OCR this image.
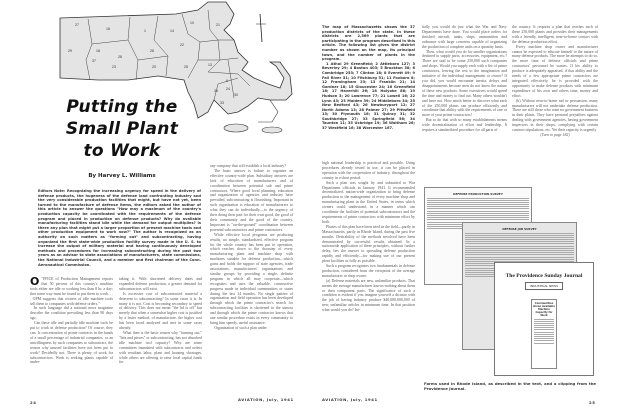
27
16	1	14
10	21
29	18
28
28
22
37
23	20	25	13
9
30
34 24
33
Putting the
Small Plant
to Work
By Harvey L. Williams
Editors Note: Recognizing the increasing urgency for speed in the delivery of defense products, the hugeness of the defense load confronting industry and the very considerable production facilities that might, but have not yet, been turned to the manufacture of defense items, the editors asked the author of this article to answer the questions "How may a maximum of the country's production capacity be coordinated with the requirements of the defense program and placed in production on defense products? Why do available manufacturing facilities stand idle while the demand for output multiplies? Is there any plan that might put a larger proportion of present machine tools and other production equipment to work now?" The author is recognized as an authority on such matters as "farming out" and subcontracting, having organized the first state-wide production facility survey made in the U. S. to increase the output of military material and having continuously developed methods and procedures for increasing subcontracting during the past two years as an advisor to state associations of manufacturers, state commissions, the National Industrial Council, and a member and first chairman of the Conn. Aeronautical Commission.
O "FFICE of Production Management reports that 50 percent of this country's machine tools either are idle or working less than 8 hr. a day; that some way must be found to put them to work. . . . OPM suggests that owners of idle machine tools sell them to companies with defense orders."

In such language did a national news magazine describe the condition prevailing less than 90 days ago.

Can these idle and partially idle machine tools be put to work in defense production? Of course, they can. Is concentration of prime contracts in the hands of a small percentage of industrial companies, or an unwillingness by such companies to subcontract, the reason why unused facilities have not been put to work? Decidedly not. There is plenty of work for subcontractors. Work is seeking plants capable of under-

taking it. With shortened delivery dates and expanded defense production, a greater demand for subcontractors will exist.

Is excessive cost of subcontracted material a deterrent to subcontracting? In some cases it is. In many it is not. Cost is becoming secondary to speed of delivery. This does not mean "the lid is off" but merely that when a somewhat higher cost is justified by a faster method, of manufacture, the higher cost has been faced analyzed and met in some cases already.

What then is the basic reason why "farming out," "bits and pieces" or subcontracting, has not absorbed idle machine tool capacity? Why are some committees inundated with subcontracts and orders with resultant labor, plant and housing shortages, while others are offering to raise local capital funds for

any company that will establish a local industry?

The basic answer is failure to organize an effective country-wide plan. Subsidiary answers are lack of education of manufacturers and of coordination between potential sub and prime contractors. Where good local planning, education and organization of agencies and industry have prevailed, subcontracting is flourishing. Important in such organization is education of manufacturers to what they can do individually—to the urgency of their doing their part for their own good, the good of their community and the good of the country. Important is "on-the-ground" coordination between potential subcontractors and prime contractors.

While effective local programs are producing results, no simple, standardized, effective program for the whole country has been put in operation, which reaches down to the doorstep of every manufacturing plant and machine shop with machines suitable for defense production—which gains and holds the support of state agencies, trade associations, manufacturers' organizations and similar groups by providing a single, definite program in which all may cooperate—which recognizes and uses the valuable, constructive progress made in individual communities or states during the last 14 months. No single pattern of organization and field operation has been developed through which the prime contractor's search for subcontracting facilities is shortened to the utmost and through which the prime contractor knows that one similar procedure exists in every community to bring him speedy, useful assistance.

Organization of such a plan under

24
AVIATION, July, 1941

The map of Massachusetts shows the 37 production districts of the state. In these districts are 2,569 plants that are participating in the program described in this article. The following list gives the district number as shown on the map, its principal town, and the number of plants in the program.

1 Athol 29 Greenfield; 2 Attleboro 127; 3 Beverley 29; 4 Boston 403; 5 Brockton 38; 6 Cambridge 253; 7 Clinton 18; 8 Everett 49; 9 Fall River 51; 10 Fitchburg 51; 11 Foxboro 8; 12 Framingham 23; 13 Franklin 21; 14 Gardner 18; 15 Gloucester 24; 16 Greenfield 18; 17 Haverhill 26; 18 Holyoke 88; 19 Hudson 3; 20 Lawrence 77; 21 Lowell 16; 22 Lynn 43; 23 Malden 39; 24 Middleboro 34; 25 New Bedford 43; 26 Newburyport 12; 27 North Adams 13; 28 Palmer 27; 29 Pittsfield 13; 30 Plymouth 16; 31 Quincy 31; 32 Southbridge 27; 33 Springfield 56; 34 Taunton 11; 35 Uxbridge 19; 36 Waltham 26; 37 Westfield 16; 38 Worcester 167.

high national leadership is practical and possible. Using procedures already tested in use, it can be placed in operation with the cooperation of industry, throughout the country in a short period.

Such a plan was sought by and submitted to War Department officials in January 1941. It recommended decentralized, nation-wide organization to bring defense production to the management of every machine shop and manufacturing plant in the United States, in terms which owners could understand, in a manner which can coordinate the facilities of potential subcontractors and the requirements of prime contractors with minimum effort by both.

Phases of this plan have been tried in the field—partly in Massachusetts, partly in Rhode Island, during the past five months. Desirability of the methods involved have been demonstrated by successful results obtained. In a nationwide application of these principles, without further delay, lies the answer to spreading defense production rapidly and efficiently—for making use of our present plant facilities as fully as possible.

Such a program recognizes two fundamentals in defense production, considered from the viewpoint of the average manufacturer or shop owner:

(a) Defense materials are new, unfamiliar products. That means the average manufacturer knows nothing about them or their component parts. The significance of such a condition is evident if you imagine yourself a dictator with the job of having industry produce $40,000,000,000 of new, unfamiliar articles in minimum time. In that position what would you do? Ini-

tially you would do just what the War and Navy Departments have done. You would place orders for finished aircraft, tanks, ships, ammunition and ordnance with large concerns capable of organizing the production of complete units on a quantity basis.

Then, what would you do for smaller organizations destined to supply parts, accessories, equipment, etc.? There are said to be some 250,000 such companies and shops. Would you supply each with a list of prime contractors, leaving the rest to the imagination and initiative of the individual management or owner? If you did, you would encounter inertia, delays and disappointments because men do not know the nature of these new products. Some executives would spend the time and money to find out. Many others wouldn't and have not. How much better to discover what each of the 250,000 plants can produce efficiently and coordinate that ability with the requirements of one or more of your prime contractors!

But to do that with so many establishments means wide decentralization of effort and leadership. It requires a standardized procedure for all parts of

the country. It requires a plan that reaches each of these 250,000 plants and provides their managements with a friendly, intelligent, near-to-home contact with the defense production effort.

Every machine shop owner and manufacturer cannot be expected to educate himself to the nature of many defense products. The more he attempts to do so, the more time of defense officials and prime contractors' personnel he wastes. If his ability to produce is adequately appraised, if that ability and the needs of a few appropriate prime contractors are integrated effectively, he is provided with the opportunity to make defense products with minimum expenditure of his own and others time, money and effort.

(b) Without near-to-home aid or persuasion, many manufacturers will not undertake defense production. There are still those who want no government business in their plants. They have personal prejudices against dealing with government agencies, having government inspectors in their shops, complying with certain contract stipulations, etc. Yet their capacity is urgently

(Turn to page 182)

DEFENSE PRODUCTION SURVEY
DEFENSE JOB SURVEY
The Providence Sunday Journal
INDUSTRIAL NEWS
Communities Given Available Machine Capacity for Work
Forms used in Rhode Island, as described in the text, and a clipping from the Providence Journal.
AVIATION, July, 1941
25
